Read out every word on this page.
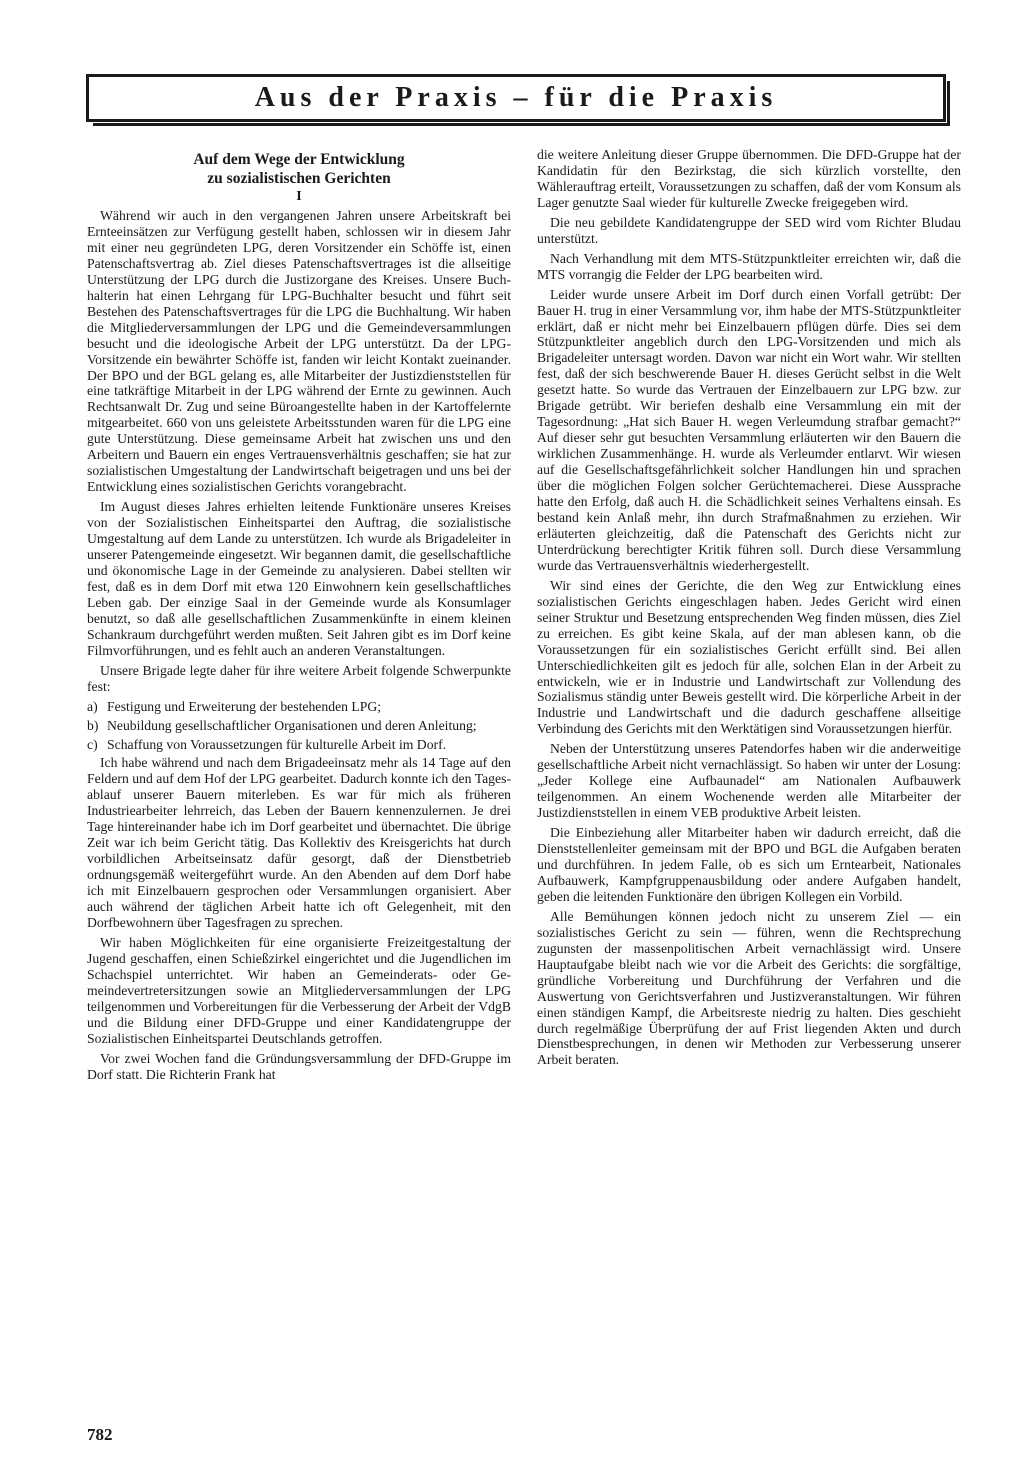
Aus der Praxis – für die Praxis
Auf dem Wege der Entwicklung
zu sozialistischen Gerichten
I

Während wir auch in den vergangenen Jahren unsere Arbeitskraft bei Ernteeinsätzen zur Verfügung gestellt haben, schlossen wir in diesem Jahr mit einer neu gegründeten LPG, deren Vorsitzender ein Schöffe ist, einen Patenschaftsvertrag ab. Ziel dieses Patenschaftsvertrages ist die allseitige Unterstützung der LPG durch die Justizorgane des Kreises. Unsere Buchhalterin hat einen Lehrgang für LPG-Buchhalter besucht und führt seit Bestehen des Patenschaftsvertrages für die LPG die Buchhaltung. Wir haben die Mitgliederversammlungen der LPG und die Gemeindeversammlungen besucht und die ideologische Arbeit der LPG unterstützt. Da der LPG-Vorsitzende ein bewährter Schöffe ist, fanden wir leicht Kontakt zueinander. Der BPO und der BGL gelang es, alle Mitarbeiter der Justizdienststellen für eine tatkräftige Mitarbeit in der LPG während der Ernte zu gewinnen. Auch Rechtsanwalt Dr. Zug und seine Büroangestellte haben in der Kartoffelernte mitgearbeitet. 660 von uns geleistete Arbeitsstunden waren für die LPG eine gute Unterstützung. Diese gemeinsame Arbeit hat zwischen uns und den Arbeitern und Bauern ein enges Vertrauensverhältnis geschaffen; sie hat zur sozialistischen Umgestaltung der Landwirtschaft beigetragen und uns bei der Entwicklung eines sozialistischen Gerichts vorangebracht.

Im August dieses Jahres erhielten leitende Funktionäre unseres Kreises von der Sozialistischen Einheitspartei den Auftrag, die sozialistische Umgestaltung auf dem Lande zu unterstützen. Ich wurde als Brigadeleiter in unserer Patengemeinde eingesetzt. Wir begannen damit, die gesellschaftliche und ökonomische Lage in der Gemeinde zu analysieren. Dabei stellten wir fest, daß es in dem Dorf mit etwa 120 Einwohnern kein gesellschaftliches Leben gab. Der einzige Saal in der Gemeinde wurde als Konsumlager benutzt, so daß alle gesellschaftlichen Zusammenkünfte in einem kleinen Schankraum durchgeführt werden mußten. Seit Jahren gibt es im Dorf keine Filmvorführungen, und es fehlt auch an anderen Veranstaltungen.

Unsere Brigade legte daher für ihre weitere Arbeit folgende Schwerpunkte fest:

a) Festigung und Erweiterung der bestehenden LPG;
b) Neubildung gesellschaftlicher Organisationen und deren Anleitung;
c) Schaffung von Voraussetzungen für kulturelle Arbeit im Dorf.

Ich habe während und nach dem Brigadeeinsatz mehr als 14 Tage auf den Feldern und auf dem Hof der LPG gearbeitet. Dadurch konnte ich den Tagesablauf unserer Bauern miterleben. Es war für mich als früheren Industriearbeiter lehrreich, das Leben der Bauern kennenzulernen. Je drei Tage hintereinander habe ich im Dorf gearbeitet und übernachtet. Die übrige Zeit war ich beim Gericht tätig. Das Kollektiv des Kreisgerichts hat durch vorbildlichen Arbeitseinsatz dafür gesorgt, daß der Dienstbetrieb ordnungsgemäß weitergeführt wurde. An den Abenden auf dem Dorf habe ich mit Einzelbauern gesprochen oder Versammlungen organisiert. Aber auch während der täglichen Arbeit hatte ich oft Gelegenheit, mit den Dorfbewohnern über Tagesfragen zu sprechen.

Wir haben Möglichkeiten für eine organisierte Freizeitgestaltung der Jugend geschaffen, einen Schießzirkel eingerichtet und die Jugendlichen im Schachspiel unterrichtet. Wir haben an Gemeinderats- oder Gemeindevertretersitzungen sowie an Mitgliederversammlungen der LPG teilgenommen und Vorbereitungen für die Verbesserung der Arbeit der VdgB und die Bildung einer DFD-Gruppe und einer Kandidatengruppe der Sozialistischen Einheitspartei Deutschlands getroffen.

Vor zwei Wochen fand die Gründungsversammlung der DFD-Gruppe im Dorf statt. Die Richterin Frank hat

die weitere Anleitung dieser Gruppe übernommen. Die DFD-Gruppe hat der Kandidatin für den Bezirkstag, die sich kürzlich vorstellte, den Wählerauftrag erteilt, Voraussetzungen zu schaffen, daß der vom Konsum als Lager genutzte Saal wieder für kulturelle Zwecke freigegeben wird.

Die neu gebildete Kandidatengruppe der SED wird vom Richter Bludau unterstützt.

Nach Verhandlung mit dem MTS-Stützpunktleiter erreichten wir, daß die MTS vorrangig die Felder der LPG bearbeiten wird.

Leider wurde unsere Arbeit im Dorf durch einen Vorfall getrübt: Der Bauer H. trug in einer Versammlung vor, ihm habe der MTS-Stützpunktleiter erklärt, daß er nicht mehr bei Einzelbauern pflügen dürfe. Dies sei dem Stützpunktleiter angeblich durch den LPG-Vorsitzenden und mich als Brigadeleiter untersagt worden. Davon war nicht ein Wort wahr. Wir stellten fest, daß der sich beschwerende Bauer H. dieses Gerücht selbst in die Welt gesetzt hatte. So wurde das Vertrauen der Einzelbauern zur LPG bzw. zur Brigade getrübt. Wir beriefen deshalb eine Versammlung ein mit der Tagesordnung: „Hat sich Bauer H. wegen Verleumdung strafbar gemacht?“ Auf dieser sehr gut besuchten Versammlung erläuterten wir den Bauern die wirklichen Zusammenhänge. H. wurde als Verleumder entlarvt. Wir wiesen auf die Gesellschaftsgefährlichkeit solcher Handlungen hin und sprachen über die möglichen Folgen solcher Gerüchtemacherei. Diese Aussprache hatte den Erfolg, daß auch H. die Schädlichkeit seines Verhaltens einsah. Es bestand kein Anlaß mehr, ihn durch Strafmaßnahmen zu erziehen. Wir erläuterten gleichzeitig, daß die Patenschaft des Gerichts nicht zur Unterdrückung berechtigter Kritik führen soll. Durch diese Versammlung wurde das Vertrauensverhältnis wiederhergestellt.

Wir sind eines der Gerichte, die den Weg zur Entwicklung eines sozialistischen Gerichts eingeschlagen haben. Jedes Gericht wird einen seiner Struktur und Besetzung entsprechenden Weg finden müssen, dies Ziel zu erreichen. Es gibt keine Skala, auf der man ablesen kann, ob die Voraussetzungen für ein sozialistisches Gericht erfüllt sind. Bei allen Unterschiedlichkeiten gilt es jedoch für alle, solchen Elan in der Arbeit zu entwickeln, wie er in Industrie und Landwirtschaft zur Vollendung des Sozialismus ständig unter Beweis gestellt wird. Die körperliche Arbeit in der Industrie und Landwirtschaft und die dadurch geschaffene allseitige Verbindung des Gerichts mit den Werktätigen sind Voraussetzungen hierfür.

Neben der Unterstützung unseres Patendorfes haben wir die anderweitige gesellschaftliche Arbeit nicht vernachlässigt. So haben wir unter der Losung: „Jeder Kollege eine Aufbaunadel“ am Nationalen Aufbauwerk teilgenommen. An einem Wochenende werden alle Mitarbeiter der Justizdienststellen in einem VEB produktive Arbeit leisten.

Die Einbeziehung aller Mitarbeiter haben wir dadurch erreicht, daß die Dienststellenleiter gemeinsam mit der BPO und BGL die Aufgaben beraten und durchführen. In jedem Falle, ob es sich um Erntearbeit, Nationales Aufbauwerk, Kampfgruppenausbildung oder andere Aufgaben handelt, geben die leitenden Funktionäre den übrigen Kollegen ein Vorbild.

Alle Bemühungen können jedoch nicht zu unserem Ziel — ein sozialistisches Gericht zu sein — führen, wenn die Rechtsprechung zugunsten der massenpolitischen Arbeit vernachlässigt wird. Unsere Hauptaufgabe bleibt nach wie vor die Arbeit des Gerichts: die sorgfältige, gründliche Vorbereitung und Durchführung der Verfahren und die Auswertung von Gerichtsverfahren und Justizveranstaltungen. Wir führen einen ständigen Kampf, die Arbeitsreste niedrig zu halten. Dies geschieht durch regelmäßige Überprüfung der auf Frist liegenden Akten und durch Dienstbesprechungen, in denen wir Methoden zur Verbesserung unserer Arbeit beraten.

782
